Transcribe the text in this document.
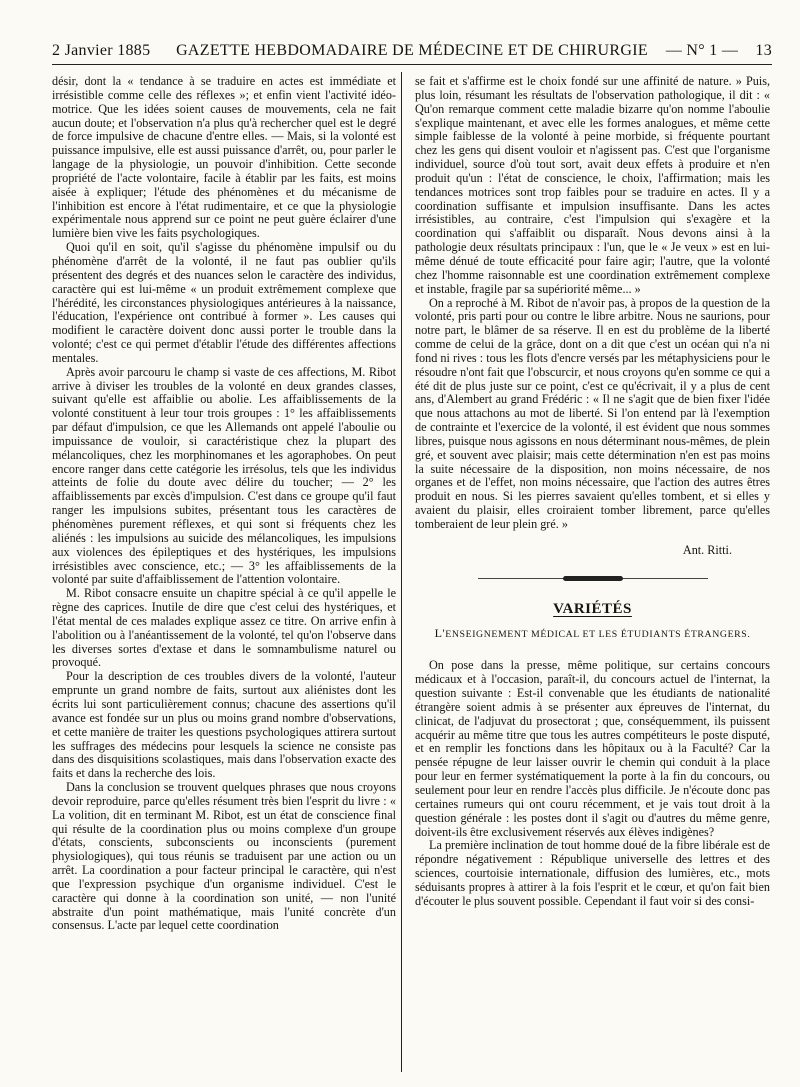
2 Janvier 1885	GAZETTE HEBDOMADAIRE DE MÉDECINE ET DE CHIRURGIE	— N° 1 — 13

désir, dont la « tendance à se traduire en actes est immédiate et irrésistible comme celle des réflexes »; et enfin vient l'activité idéo-motrice. Que les idées soient causes de mouvements, cela ne fait aucun doute; et l'observation n'a plus qu'à rechercher quel est le degré de force impulsive de chacune d'entre elles. — Mais, si la volonté est puissance impulsive, elle est aussi puissance d'arrêt, ou, pour parler le langage de la physiologie, un pouvoir d'inhibition. Cette seconde propriété de l'acte volontaire, facile à établir par les faits, est moins aisée à expliquer; l'étude des phénomènes et du mécanisme de l'inhibition est encore à l'état rudimentaire, et ce que la physiologie expérimentale nous apprend sur ce point ne peut guère éclairer d'une lumière bien vive les faits psychologiques.

Quoi qu'il en soit, qu'il s'agisse du phénomène impulsif ou du phénomène d'arrêt de la volonté, il ne faut pas oublier qu'ils présentent des degrés et des nuances selon le caractère des individus, caractère qui est lui-même « un produit extrêmement complexe que l'hérédité, les circonstances physiologiques antérieures à la naissance, l'éducation, l'expérience ont contribué à former ». Les causes qui modifient le caractère doivent donc aussi porter le trouble dans la volonté; c'est ce qui permet d'établir l'étude des différentes affections mentales.

Après avoir parcouru le champ si vaste de ces affections, M. Ribot arrive à diviser les troubles de la volonté en deux grandes classes, suivant qu'elle est affaiblie ou abolie. Les affaiblissements de la volonté constituent à leur tour trois groupes : 1° les affaiblissements par défaut d'impulsion, ce que les Allemands ont appelé l'aboulie ou impuissance de vouloir, si caractéristique chez la plupart des mélancoliques, chez les morphinomanes et les agoraphobes. On peut encore ranger dans cette catégorie les irrésolus, tels que les individus atteints de folie du doute avec délire du toucher; — 2° les affaiblissements par excès d'impulsion. C'est dans ce groupe qu'il faut ranger les impulsions subites, présentant tous les caractères de phénomènes purement réflexes, et qui sont si fréquents chez les aliénés : les impulsions au suicide des mélancoliques, les impulsions aux violences des épileptiques et des hystériques, les impulsions irrésistibles avec conscience, etc.; — 3° les affaiblissements de la volonté par suite d'affaiblissement de l'attention volontaire.

M. Ribot consacre ensuite un chapitre spécial à ce qu'il appelle le règne des caprices. Inutile de dire que c'est celui des hystériques, et l'état mental de ces malades explique assez ce titre. On arrive enfin à l'abolition ou à l'anéantissement de la volonté, tel qu'on l'observe dans les diverses sortes d'extase et dans le somnambulisme naturel ou provoqué.

Pour la description de ces troubles divers de la volonté, l'auteur emprunte un grand nombre de faits, surtout aux aliénistes dont les écrits lui sont particulièrement connus; chacune des assertions qu'il avance est fondée sur un plus ou moins grand nombre d'observations, et cette manière de traiter les questions psychologiques attirera surtout les suffrages des médecins pour lesquels la science ne consiste pas dans des disquisitions scolastiques, mais dans l'observation exacte des faits et dans la recherche des lois.

Dans la conclusion se trouvent quelques phrases que nous croyons devoir reproduire, parce qu'elles résument très bien l'esprit du livre : « La volition, dit en terminant M. Ribot, est un état de conscience final qui résulte de la coordination plus ou moins complexe d'un groupe d'états, conscients, subconscients ou inconscients (purement physiologiques), qui tous réunis se traduisent par une action ou un arrêt. La coordination a pour facteur principal le caractère, qui n'est que l'expression psychique d'un organisme individuel. C'est le caractère qui donne à la coordination son unité, — non l'unité abstraite d'un point mathématique, mais l'unité concrète d'un consensus. L'acte par lequel cette coordination

se fait et s'affirme est le choix fondé sur une affinité de nature. » Puis, plus loin, résumant les résultats de l'observation pathologique, il dit : « Qu'on remarque comment cette maladie bizarre qu'on nomme l'aboulie s'explique maintenant, et avec elle les formes analogues, et même cette simple faiblesse de la volonté à peine morbide, si fréquente pourtant chez les gens qui disent vouloir et n'agissent pas. C'est que l'organisme individuel, source d'où tout sort, avait deux effets à produire et n'en produit qu'un : l'état de conscience, le choix, l'affirmation; mais les tendances motrices sont trop faibles pour se traduire en actes. Il y a coordination suffisante et impulsion insuffisante. Dans les actes irrésistibles, au contraire, c'est l'impulsion qui s'exagère et la coordination qui s'affaiblit ou disparaît. Nous devons ainsi à la pathologie deux résultats principaux : l'un, que le « Je veux » est en lui-même dénué de toute efficacité pour faire agir; l'autre, que la volonté chez l'homme raisonnable est une coordination extrêmement complexe et instable, fragile par sa supériorité même... »

On a reproché à M. Ribot de n'avoir pas, à propos de la question de la volonté, pris parti pour ou contre le libre arbitre. Nous ne saurions, pour notre part, le blâmer de sa réserve. Il en est du problème de la liberté comme de celui de la grâce, dont on a dit que c'est un océan qui n'a ni fond ni rives : tous les flots d'encre versés par les métaphysiciens pour le résoudre n'ont fait que l'obscurcir, et nous croyons qu'en somme ce qui a été dit de plus juste sur ce point, c'est ce qu'écrivait, il y a plus de cent ans, d'Alembert au grand Frédéric : « Il ne s'agit que de bien fixer l'idée que nous attachons au mot de liberté. Si l'on entend par là l'exemption de contrainte et l'exercice de la volonté, il est évident que nous sommes libres, puisque nous agissons en nous déterminant nous-mêmes, de plein gré, et souvent avec plaisir; mais cette détermination n'en est pas moins la suite nécessaire de la disposition, non moins nécessaire, de nos organes et de l'effet, non moins nécessaire, que l'action des autres êtres produit en nous. Si les pierres savaient qu'elles tombent, et si elles y avaient du plaisir, elles croiraient tomber librement, parce qu'elles tomberaient de leur plein gré. »

Ant. Ritti.
VARIÉTÉS
L'ENSEIGNEMENT MÉDICAL ET LES ÉTUDIANTS ÉTRANGERS.

On pose dans la presse, même politique, sur certains concours médicaux et à l'occasion, paraît-il, du concours actuel de l'internat, la question suivante : Est-il convenable que les étudiants de nationalité étrangère soient admis à se présenter aux épreuves de l'internat, du clinicat, de l'adjuvat du prosectorat ; que, conséquemment, ils puissent acquérir au même titre que tous les autres compétiteurs le poste disputé, et en remplir les fonctions dans les hôpitaux ou à la Faculté? Car la pensée répugne de leur laisser ouvrir le chemin qui conduit à la place pour leur en fermer systématiquement la porte à la fin du concours, ou seulement pour leur en rendre l'accès plus difficile. Je n'écoute donc pas certaines rumeurs qui ont couru récemment, et je vais tout droit à la question générale : les postes dont il s'agit ou d'autres du même genre, doivent-ils être exclusivement réservés aux élèves indigènes?

La première inclination de tout homme doué de la fibre libérale est de répondre négativement : République universelle des lettres et des sciences, courtoisie internationale, diffusion des lumières, etc., mots séduisants propres à attirer à la fois l'esprit et le cœur, et qu'on fait bien d'écouter le plus souvent possible. Cependant il faut voir si des consi-
